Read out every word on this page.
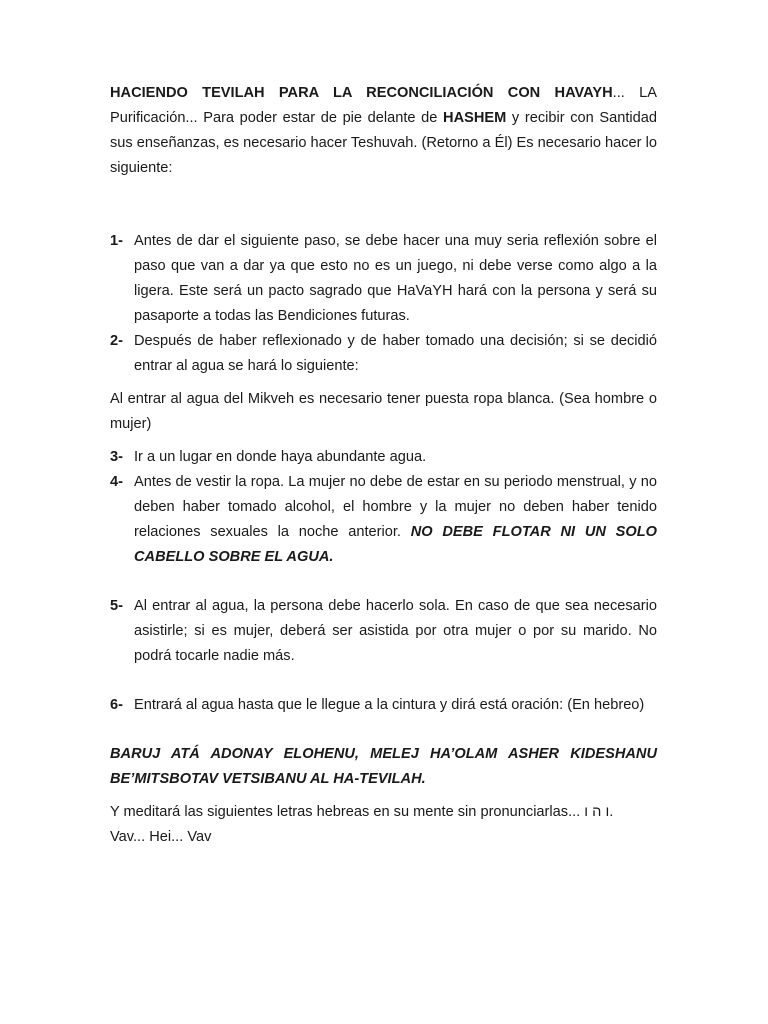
HACIENDO TEVILAH PARA LA RECONCILIACIÓN CON HAVAYH... LA Purificación... Para poder estar de pie delante de HASHEM y recibir con Santidad sus enseñanzas, es necesario hacer Teshuvah. (Retorno a Él) Es necesario hacer lo siguiente:

1- Antes de dar el siguiente paso, se debe hacer una muy seria reflexión sobre el paso que van a dar ya que esto no es un juego, ni debe verse como algo a la ligera. Este será un pacto sagrado que HaVaYH hará con la persona y será su pasaporte a todas las Bendiciones futuras.
2- Después de haber reflexionado y de haber tomado una decisión; si se decidió entrar al agua se hará lo siguiente:

Al entrar al agua del Mikveh es necesario tener puesta ropa blanca. (Sea hombre o mujer)

3- Ir a un lugar en donde haya abundante agua.
4- Antes de vestir la ropa. La mujer no debe de estar en su periodo menstrual, y no deben haber tomado alcohol, el hombre y la mujer no deben haber tenido relaciones sexuales la noche anterior. NO DEBE FLOTAR NI UN SOLO CABELLO SOBRE EL AGUA.
5- Al entrar al agua, la persona debe hacerlo sola. En caso de que sea necesario asistirle; si es mujer, deberá ser asistida por otra mujer o por su marido. No podrá tocarle nadie más.
6- Entrará al agua hasta que le llegue a la cintura y dirá está oración: (En hebreo)

BARUJ ATÁ ADONAY ELOHENU, MELEJ HA’OLAM ASHER KIDESHANU BE’MITSBOTAV VETSIBANU AL HA-TEVILAH.

Y meditará las siguientes letras hebreas en su mente sin pronunciarlas... ו ה ו.
Vav... Hei... Vav
